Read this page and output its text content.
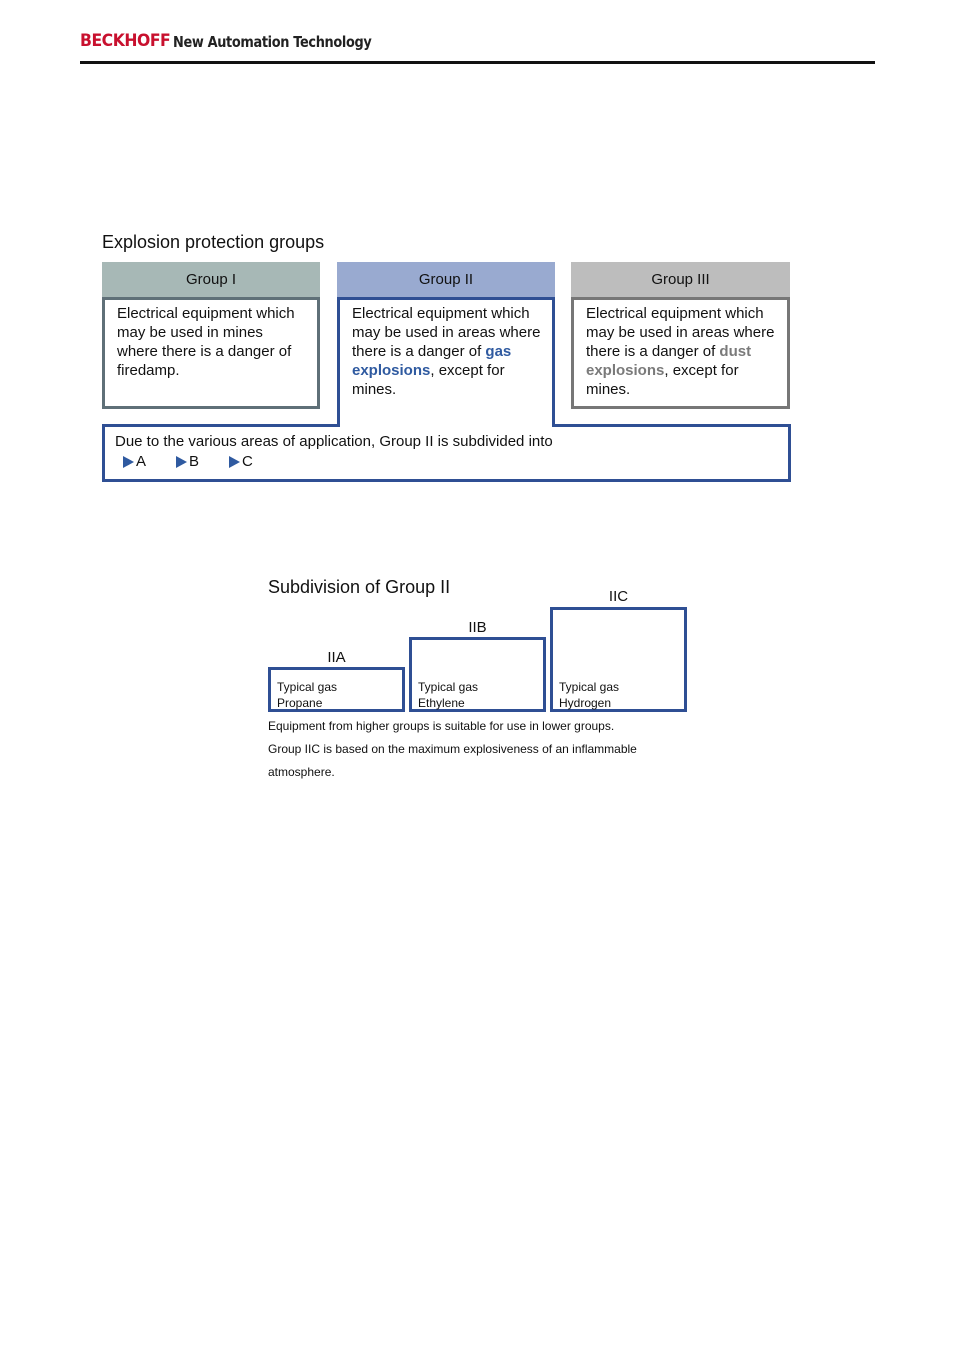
BECKHOFF New Automation Technology
Explosion protection groups
Group I
Electrical equipment which may be used in mines where there is a danger of firedamp.
Due to the various areas of application, Group II is subdivided into
A	B	C
Group II
Electrical equipment which may be used in areas where there is a danger of gas explosions, except for mines.
Group III
Electrical equipment which may be used in areas where there is a danger of dust explosions, except for mines.
Subdivision of Group II
IIA
Typical gas
Propane
IIB
Typical gas
Ethylene
IIC
Typical gas
Hydrogen
Equipment from higher groups is suitable for use in lower groups.
Group IIC is based on the maximum explosiveness of an inflammable
atmosphere.
